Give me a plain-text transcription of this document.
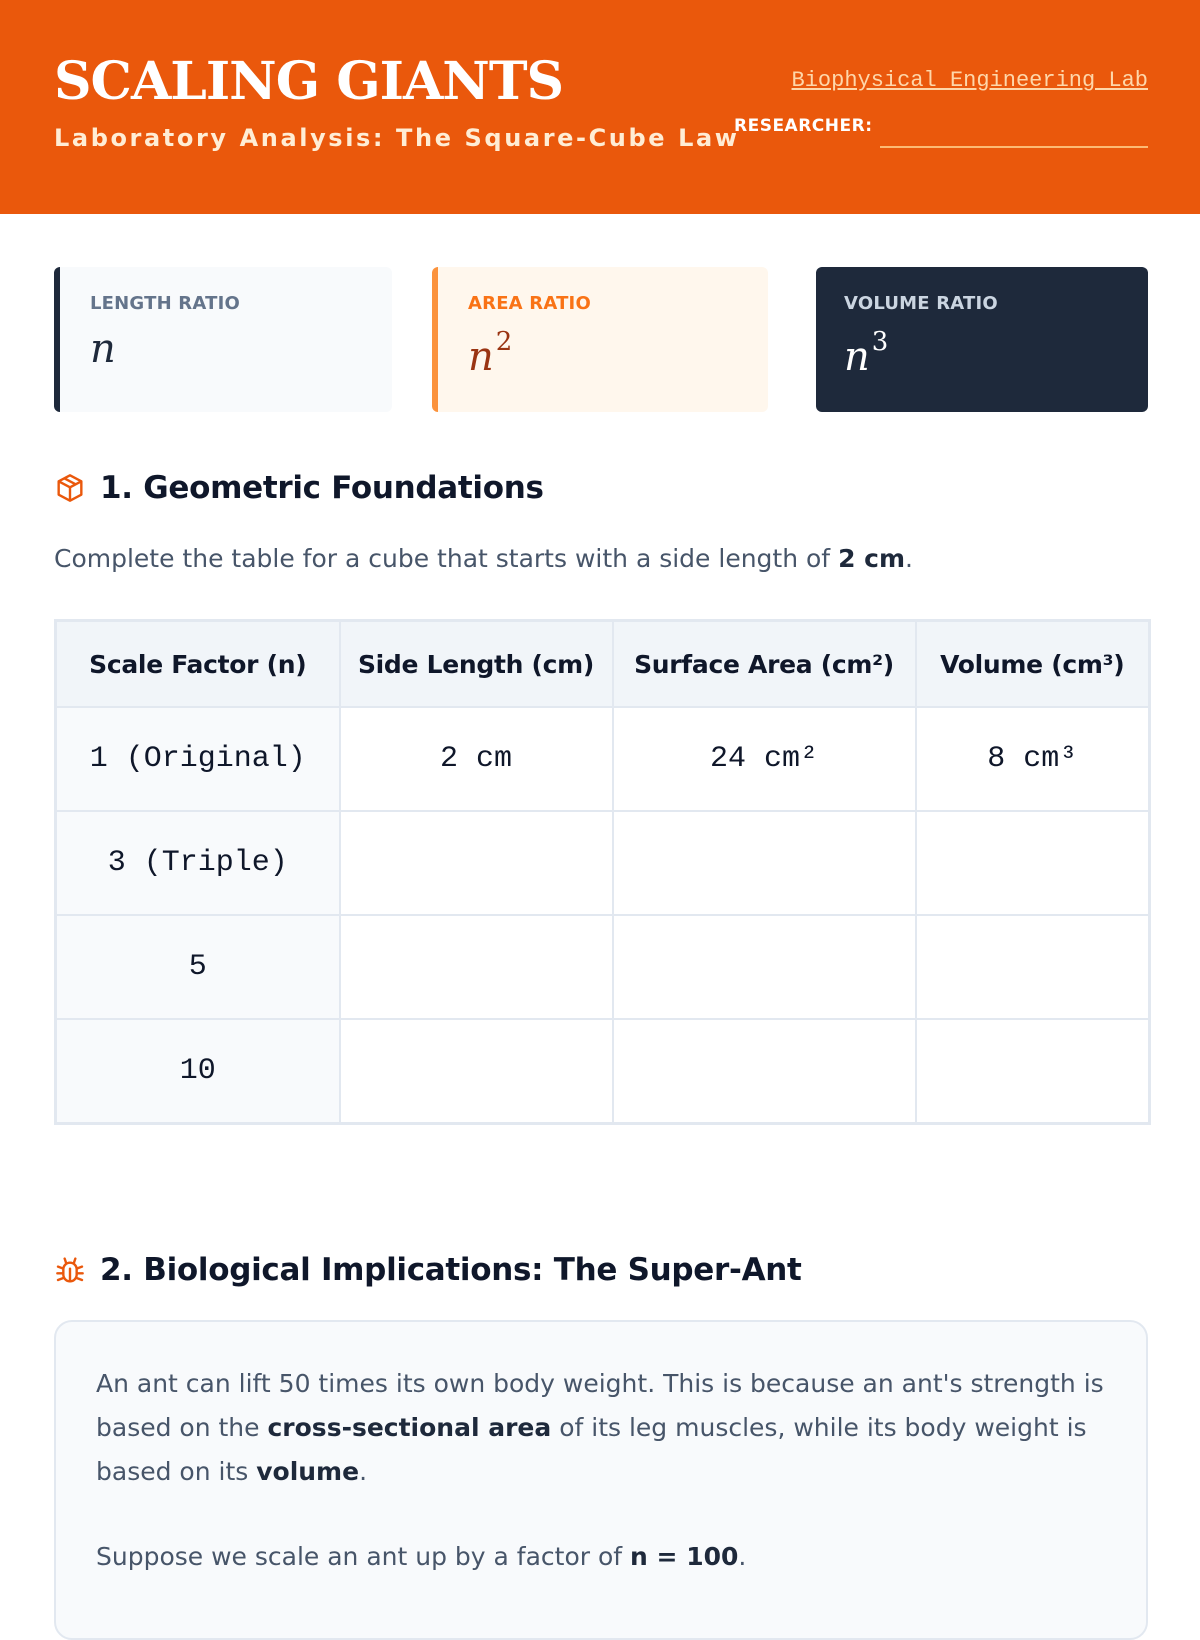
SCALING GIANTS
Laboratory Analysis: The Square-Cube Law
Biophysical Engineering Lab
RESEARCHER:
LENGTH RATIO
n
AREA RATIO
$n^2$
VOLUME RATIO
$n^3$
1. Geometric Foundations
Complete the table for a cube that starts with a side length of 2 cm.
Scale Factor (n)	Side Length (cm)	Surface Area (cm²)	Volume (cm³)
1 (Original)	2 cm	24 cm²	8 cm³
3 (Triple)			
5			
10			
2. Biological Implications: The Super-Ant

An ant can lift 50 times its own body weight. This is because an ant's strength is based on the cross-sectional area of its leg muscles, while its body weight is based on its volume.

Suppose we scale an ant up by a factor of n = 100.
